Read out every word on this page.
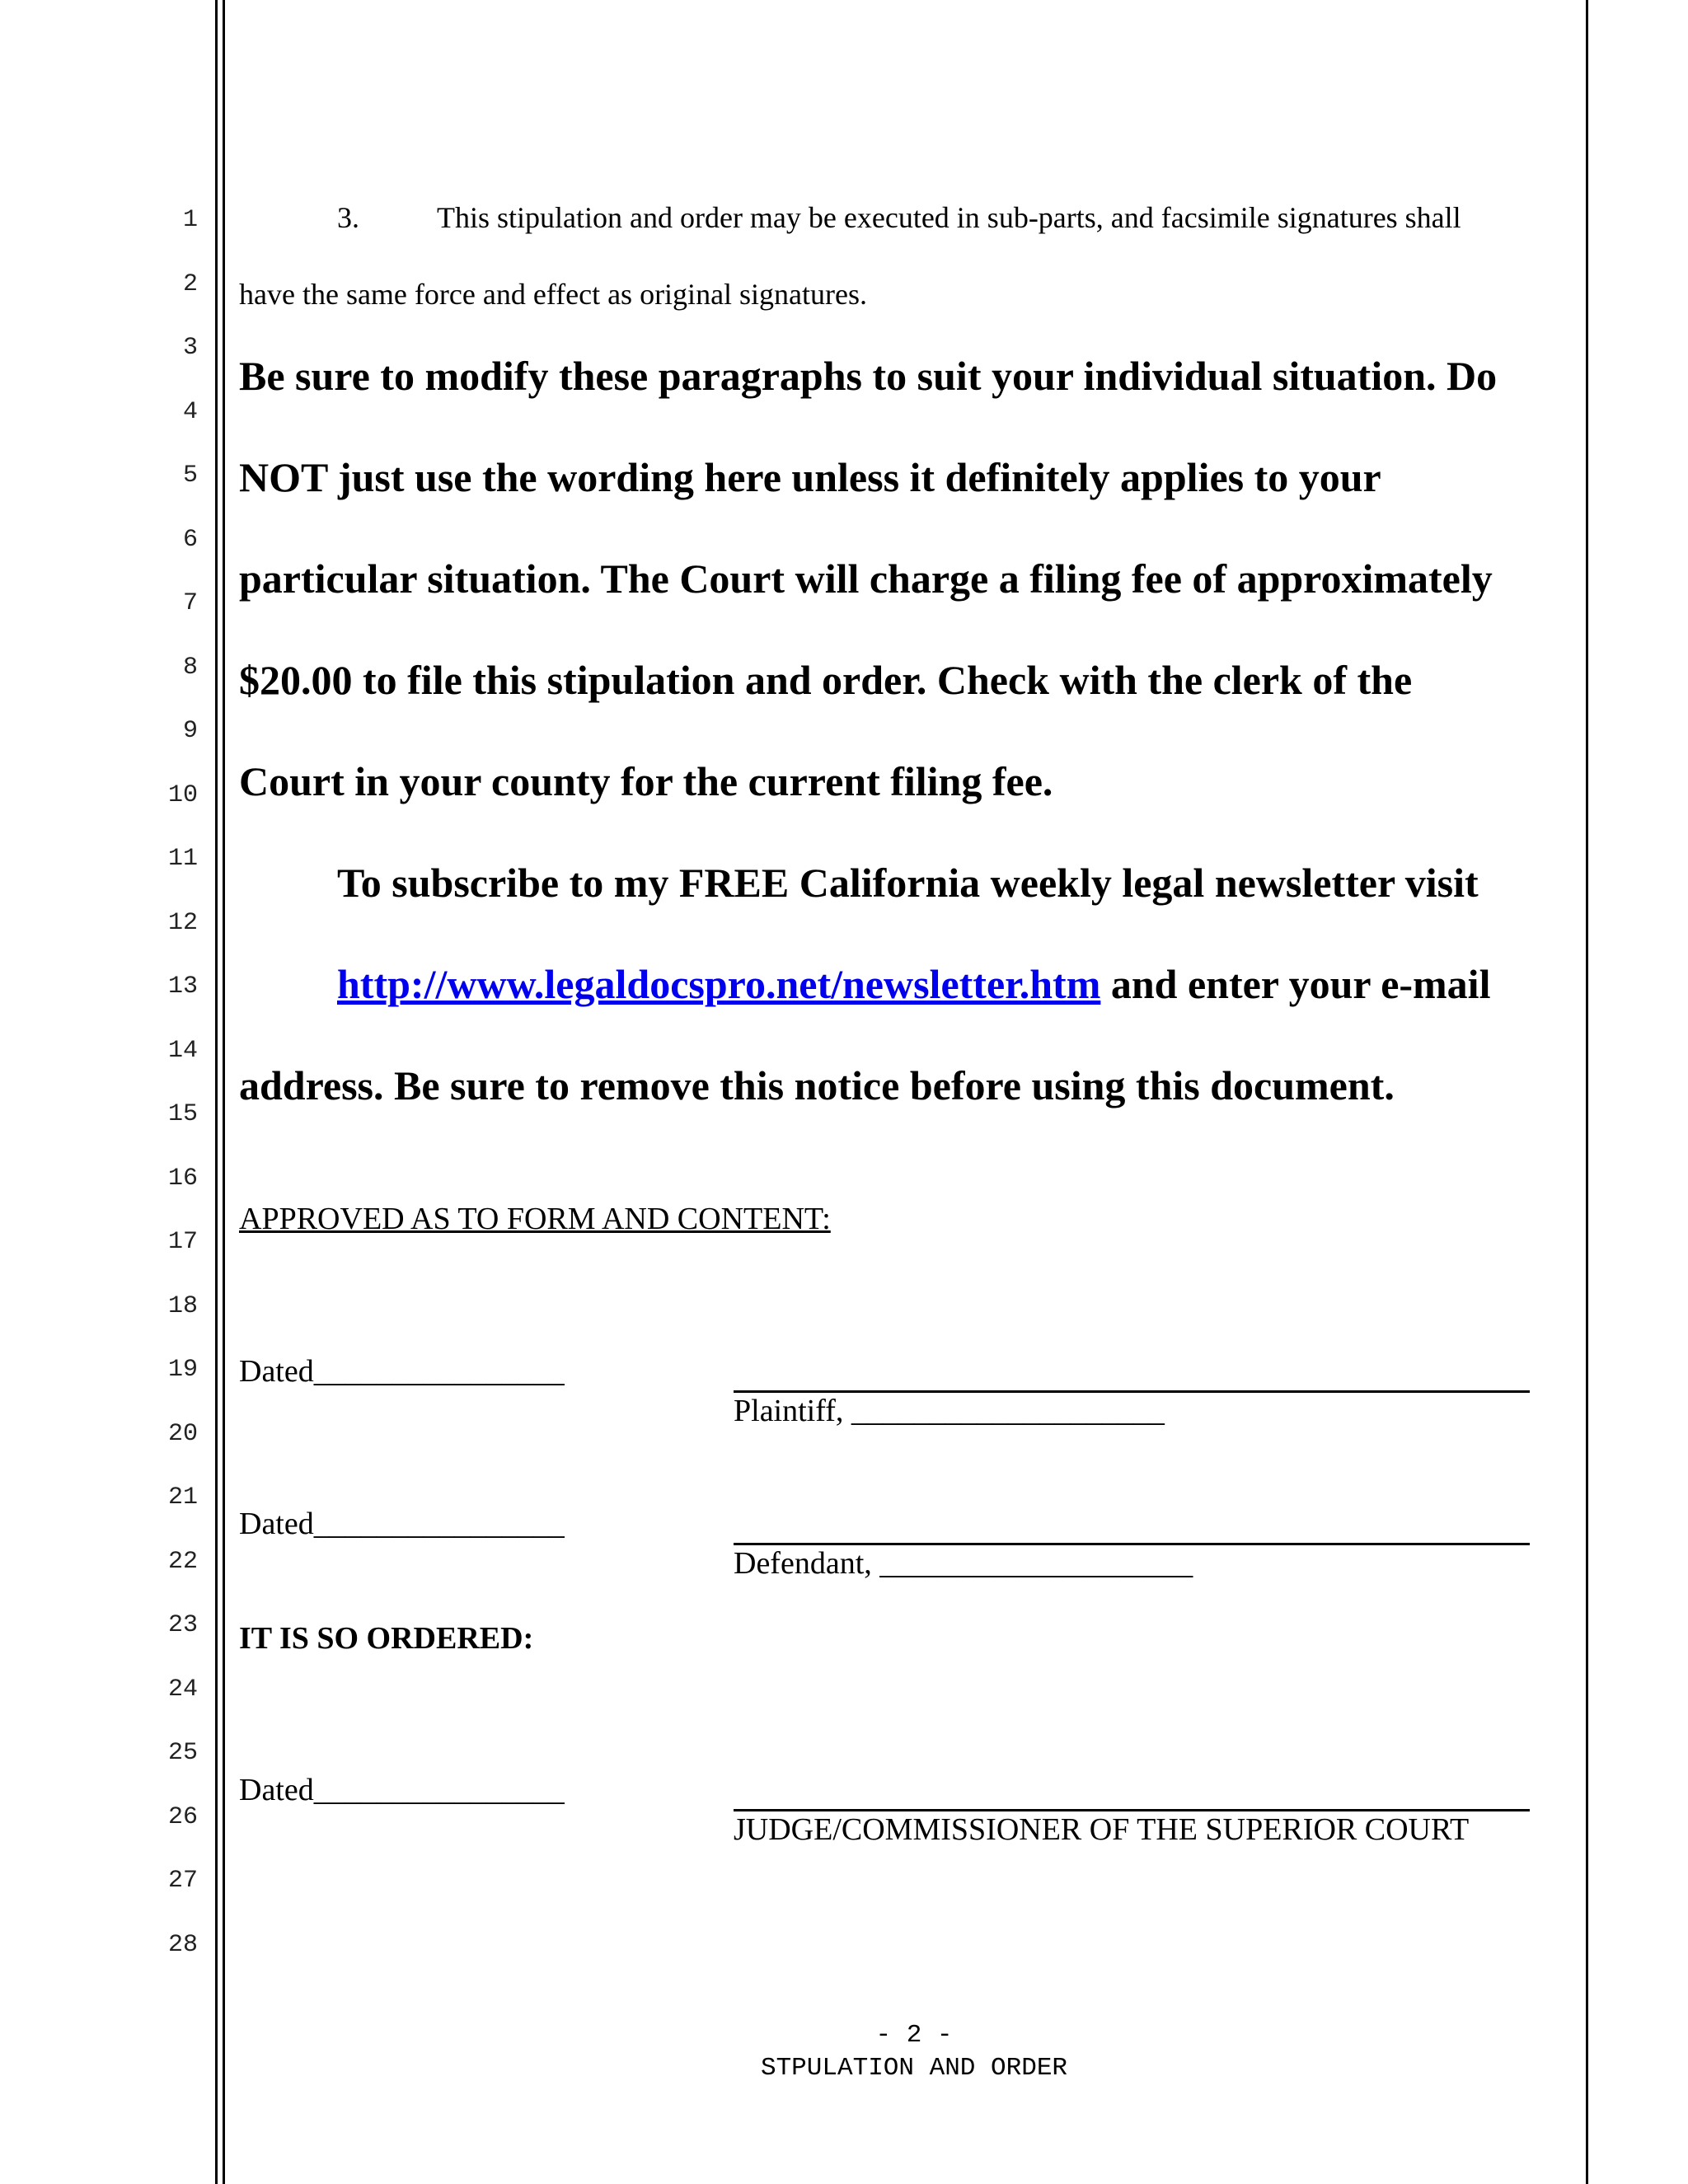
1
2
3
4
5
6
7
8
9
10
11
12
13
14
15
16
17
18
19
20
21
22
23
24
25
26
27
28
3.	This stipulation and order may be executed in sub-parts, and facsimile signatures shall
have the same force and effect as original signatures.
Be sure to modify these paragraphs to suit your individual situation. Do
NOT just use the wording here unless it definitely applies to your
particular situation. The Court will charge a filing fee of approximately
$20.00 to file this stipulation and order. Check with the clerk of the
Court in your county for the current filing fee.
To subscribe to my FREE California weekly legal newsletter visit
http://www.legaldocspro.net/newsletter.htm and enter your e-mail
address. Be sure to remove this notice before using this document.
APPROVED AS TO FORM AND CONTENT:
Dated________________
Plaintiff, ____________________
Dated________________
Defendant, ____________________
IT IS SO ORDERED:
Dated________________
JUDGE/COMMISSIONER OF THE SUPERIOR COURT
- 2 -
STPULATION AND ORDER
